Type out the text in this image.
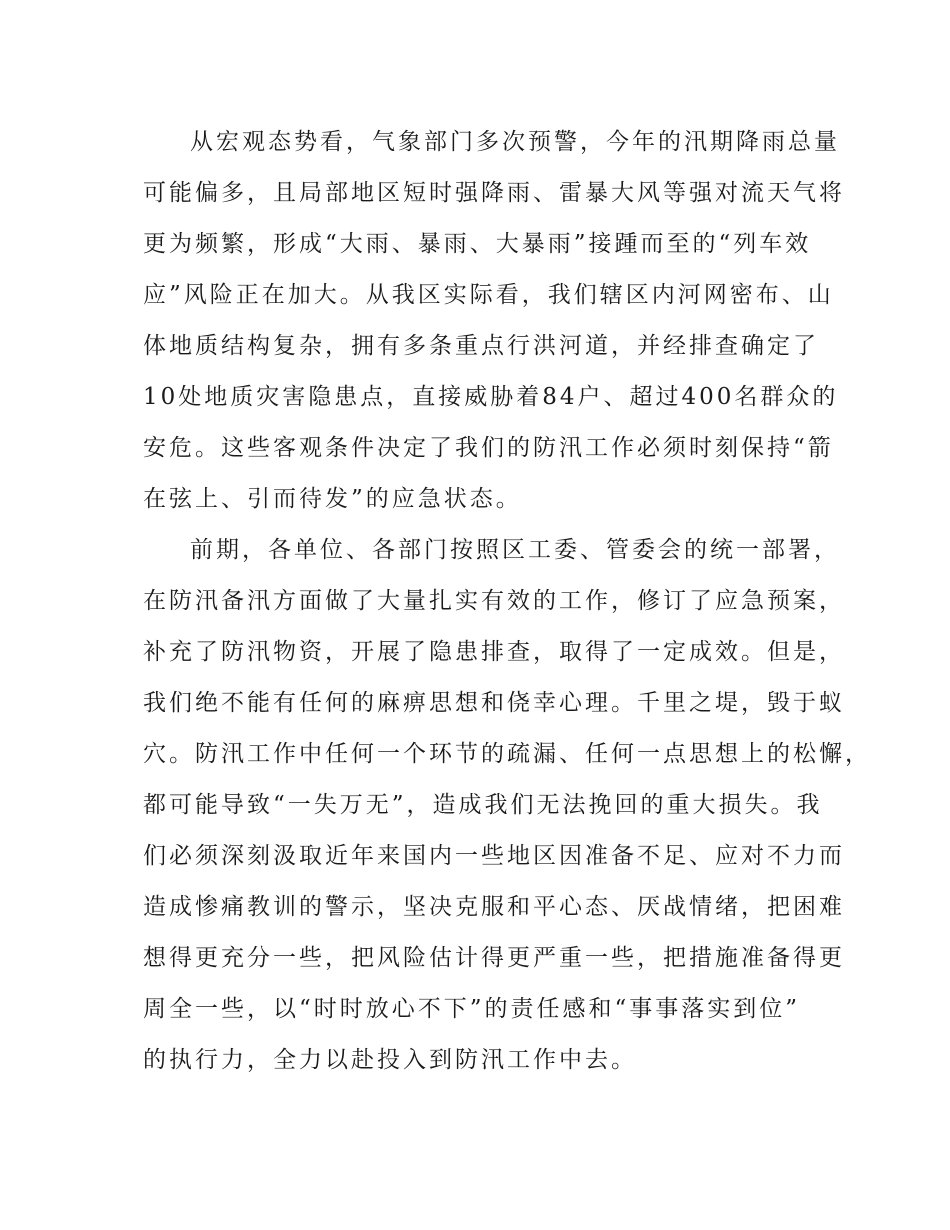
从宏观态势看，气象部门多次预警，今年的汛期降雨总量
可能偏多，且局部地区短时强降雨、雷暴大风等强对流天气将
更为频繁，形成“大雨、暴雨、大暴雨”接踵而至的“列车效
应”风险正在加大。从我区实际看，我们辖区内河网密布、山
体地质结构复杂，拥有多条重点行洪河道，并经排查确定了
10处地质灾害隐患点，直接威胁着84户、超过400名群众的
安危。这些客观条件决定了我们的防汛工作必须时刻保持“箭
在弦上、引而待发”的应急状态。
前期，各单位、各部门按照区工委、管委会的统一部署，
在防汛备汛方面做了大量扎实有效的工作，修订了应急预案，
补充了防汛物资，开展了隐患排查，取得了一定成效。但是，
我们绝不能有任何的麻痹思想和侥幸心理。千里之堤，毁于蚁
穴。防汛工作中任何一个环节的疏漏、任何一点思想上的松懈，
都可能导致“一失万无”，造成我们无法挽回的重大损失。我
们必须深刻汲取近年来国内一些地区因准备不足、应对不力而
造成惨痛教训的警示，坚决克服和平心态、厌战情绪，把困难
想得更充分一些，把风险估计得更严重一些，把措施准备得更
周全一些，以“时时放心不下”的责任感和“事事落实到位”
的执行力，全力以赴投入到防汛工作中去。
